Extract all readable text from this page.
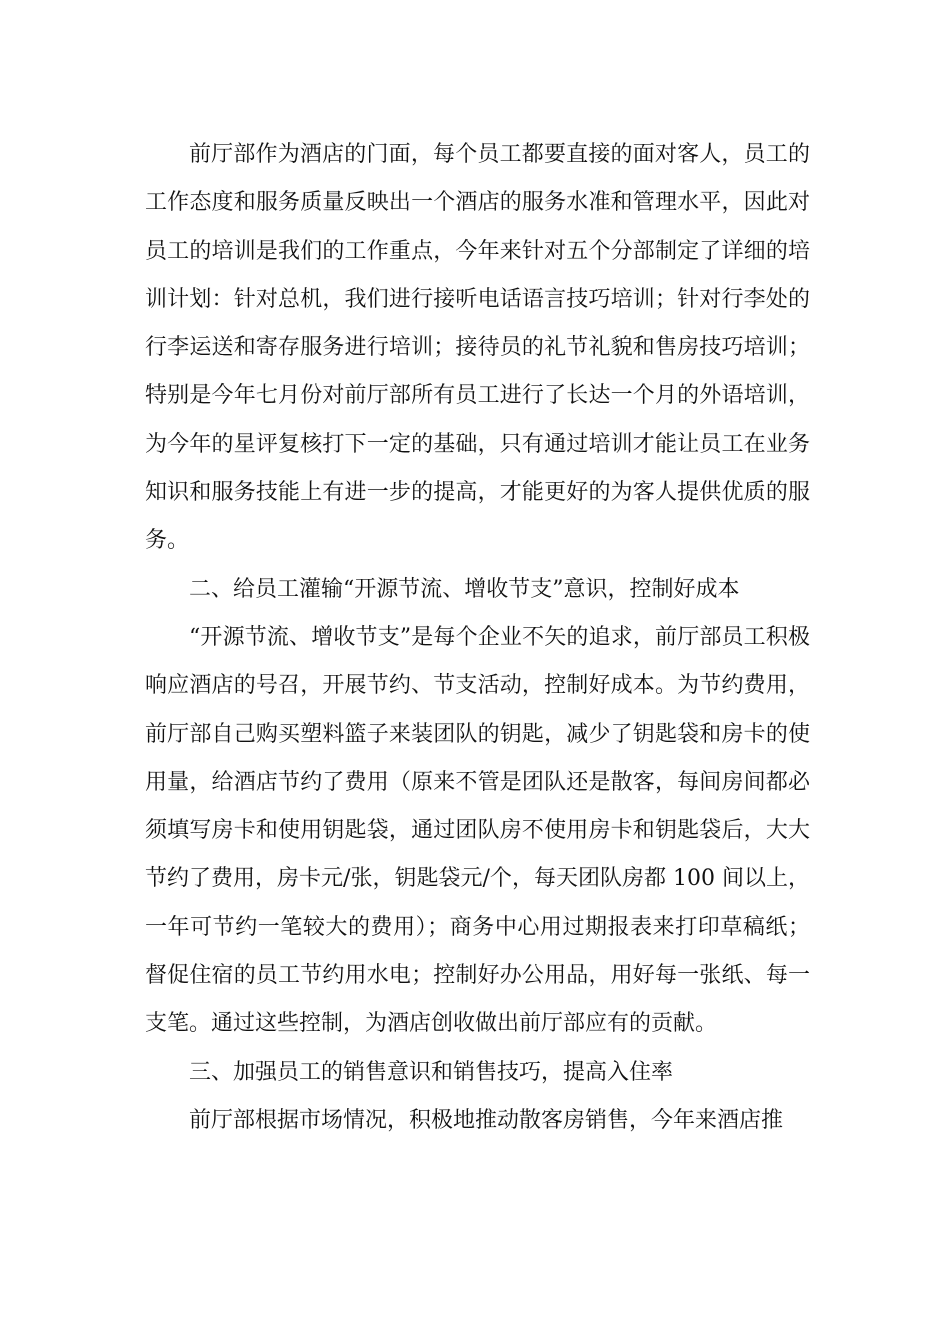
前厅部作为酒店的门面，每个员工都要直接的面对客人，员工的工作态度和服务质量反映出一个酒店的服务水准和管理水平，因此对员工的培训是我们的工作重点，今年来针对五个分部制定了详细的培训计划：针对总机，我们进行接听电话语言技巧培训；针对行李处的行李运送和寄存服务进行培训；接待员的礼节礼貌和售房技巧培训；特别是今年七月份对前厅部所有员工进行了长达一个月的外语培训，为今年的星评复核打下一定的基础，只有通过培训才能让员工在业务知识和服务技能上有进一步的提高，才能更好的为客人提供优质的服务。

二、给员工灌输“开源节流、增收节支”意识，控制好成本

“开源节流、增收节支”是每个企业不矢的追求，前厅部员工积极响应酒店的号召，开展节约、节支活动，控制好成本。为节约费用，前厅部自己购买塑料篮子来装团队的钥匙，减少了钥匙袋和房卡的使用量，给酒店节约了费用（原来不管是团队还是散客，每间房间都必须填写房卡和使用钥匙袋，通过团队房不使用房卡和钥匙袋后，大大节约了费用，房卡元/张，钥匙袋元/个，每天团队房都 100 间以上，一年可节约一笔较大的费用）；商务中心用过期报表来打印草稿纸；督促住宿的员工节约用水电；控制好办公用品，用好每一张纸、每一支笔。通过这些控制，为酒店创收做出前厅部应有的贡献。

三、加强员工的销售意识和销售技巧，提高入住率

前厅部根据市场情况，积极地推动散客房销售，今年来酒店推
